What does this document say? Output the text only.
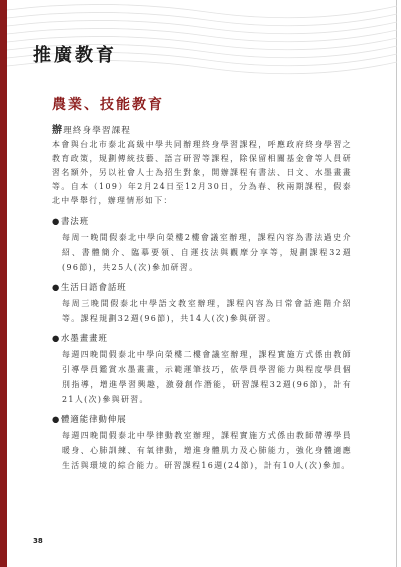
推廣教育
農業、技能教育
辦理終身學習課程

本會與台北市泰北高級中學共同辦理終身學習課程，呼應政府終身學習之教育政策，規劃傳統技藝、語言研習等課程，除保留相關基金會等人員研習名額外，另以社會人士為招生對象，開辦課程有書法、日文、水墨畫畫等。自本（109）年2月24日至12月30日，分為春、秋兩期課程，假泰北中學舉行，辦理情形如下：

●書法班

每周一晚間假泰北中學向榮樓2樓會議室辦理，課程內容為書法過史介紹、書體簡介、臨摹要領、自運技法與觀摩分享等，規劃課程32週(96節)，共25人(次)參加研習。

●生活日語會話班

每周三晚間假泰北中學語文教室辦理，課程內容為日常會話進階介紹等。課程規劃32週(96節)，共14人(次)參與研習。

●水墨畫畫班

每週四晚間假泰北中學向榮樓二樓會議室辦理，課程實施方式係由教師引導學員鑑賞水墨畫畫，示範運筆技巧，依學員學習能力與程度學員個別指導，增進學習興趣，激發創作潛能，研習課程32週(96節)，計有21人(次)參與研習。

●體適能律動伸展

每週四晚間假泰北中學律動教室辦理，課程實施方式係由教師帶導學員暖身、心肺訓練、有氧律動，增進身體肌力及心肺能力，強化身體適應生活與環境的綜合能力。研習課程16週(24節)，計有10人(次)參加。

38
